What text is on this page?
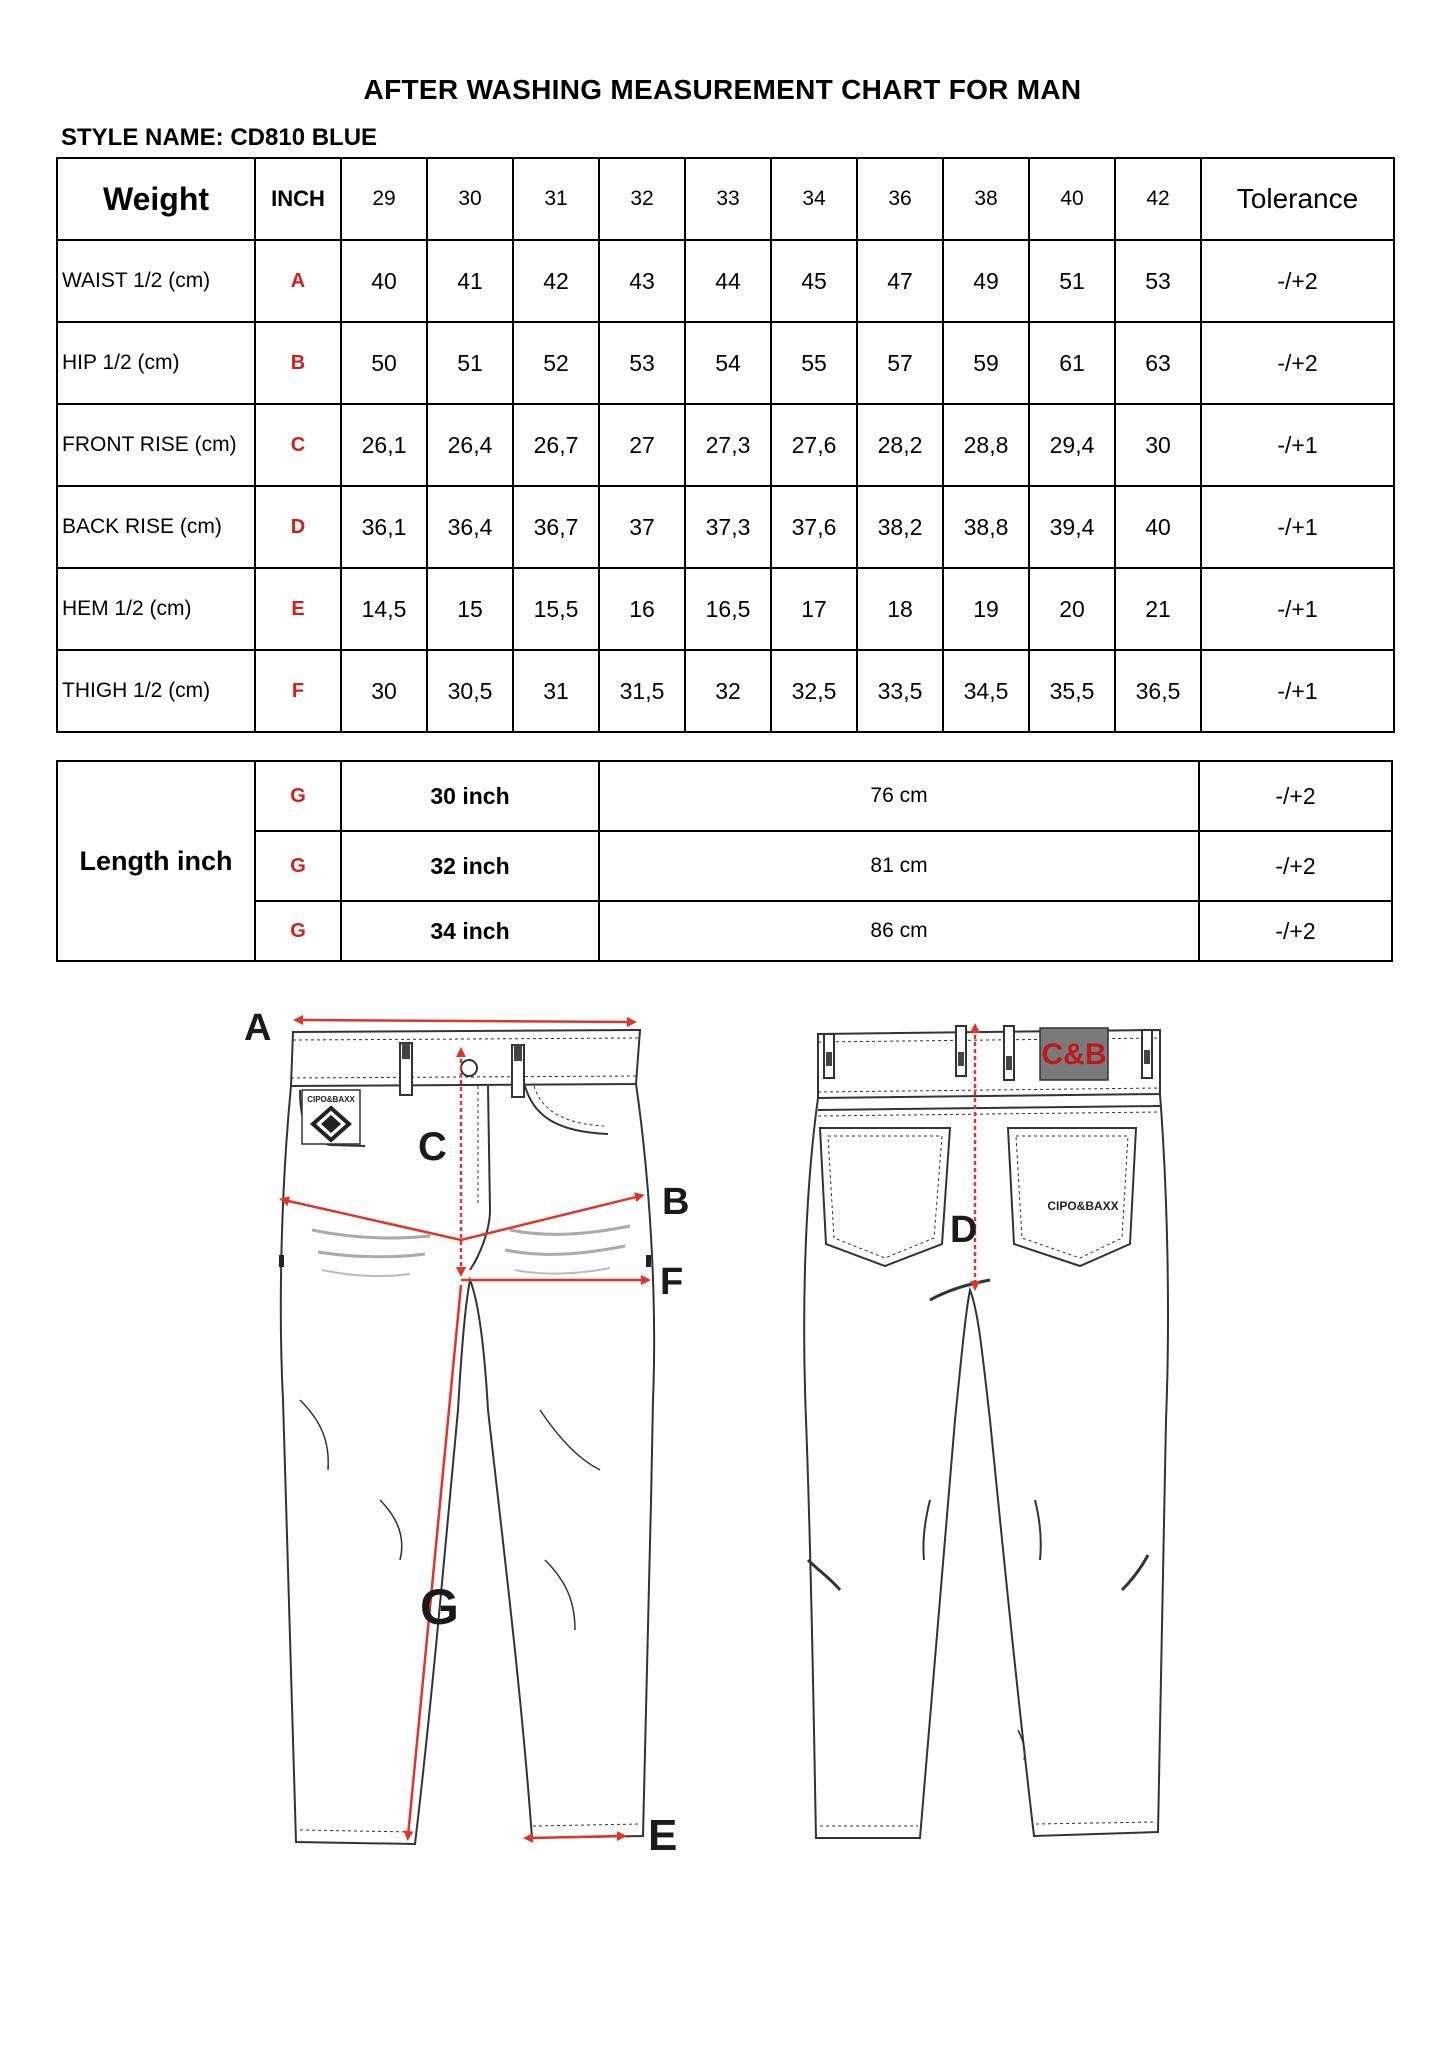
AFTER WASHING MEASUREMENT CHART FOR MAN
STYLE NAME: CD810 BLUE
Weight	INCH	29	30	31	32	33	34	36	38	40	42	Tolerance
WAIST 1/2 (cm)	A	40	41	42	43	44	45	47	49	51	53	-/+2
HIP 1/2 (cm)	B	50	51	52	53	54	55	57	59	61	63	-/+2
FRONT RISE (cm)	C	26,1	26,4	26,7	27	27,3	27,6	28,2	28,8	29,4	30	-/+1
BACK RISE (cm)	D	36,1	36,4	36,7	37	37,3	37,6	38,2	38,8	39,4	40	-/+1
HEM 1/2 (cm)	E	14,5	15	15,5	16	16,5	17	18	19	20	21	-/+1
THIGH 1/2 (cm)	F	30	30,5	31	31,5	32	32,5	33,5	34,5	35,5	36,5	-/+1
Length inch	G	30 inch	76 cm	-/+2
	G	32 inch	81 cm	-/+2
	G	34 inch	86 cm	-/+2
CIPO&BAXX
A
B
C
E
F
G
C&B
CIPO&BAXX
D
